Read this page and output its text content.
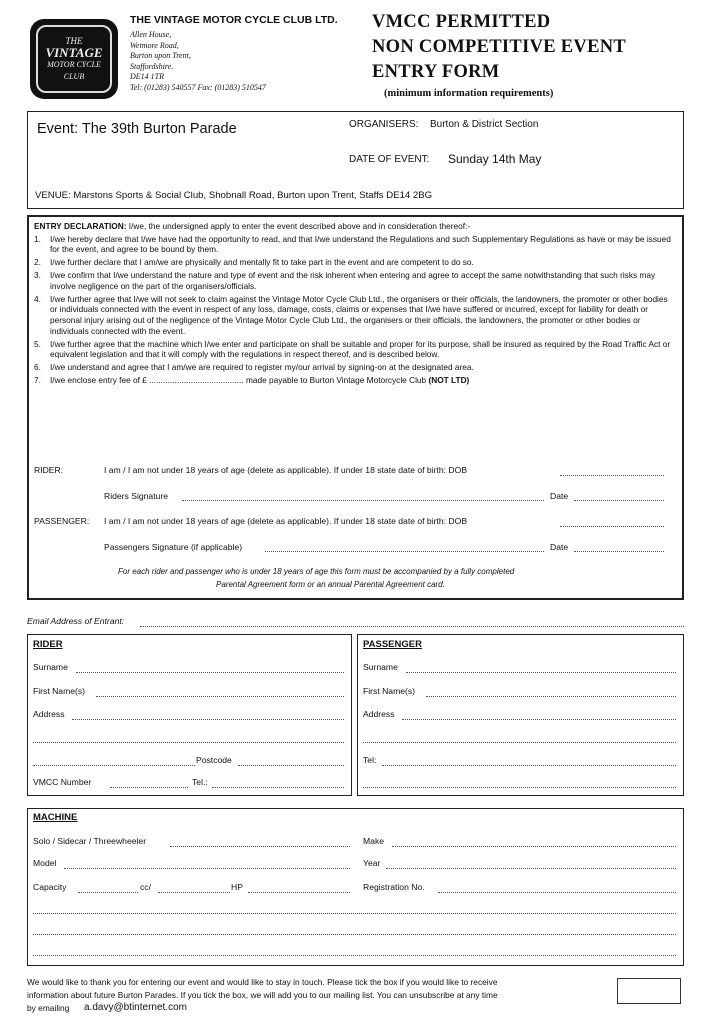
THE
VINTAGE
MOTOR CYCLE
CLUB
THE VINTAGE MOTOR CYCLE CLUB LTD.
Allen House,
Wetmore Road,
Burton upon Trent,
Staffordshire.
DE14 1TR
Tel: (01283) 540557 Fax: (01283) 510547
VMCC PERMITTED
NON COMPETITIVE EVENT
ENTRY FORM
(minimum information requirements)
Event: The 39th Burton Parade	ORGANISERS: Burton & District Section
DATE OF EVENT: Sunday 14th May
VENUE: Marstons Sports & Social Club, Shobnall Road, Burton upon Trent, Staffs DE14 2BG
ENTRY DECLARATION: I/we, the undersigned apply to enter the event described above and in consideration thereof:-

1. I/we hereby declare that I/we have had the opportunity to read, and that I/we understand the Regulations and such Supplementary Regulations as have or may be issued for the event, and agree to be bound by them.

2. I/we further declare that I am/we are physically and mentally fit to take part in the event and are competent to do so.

3. I/we confirm that I/we understand the nature and type of event and the risk inherent when entering and agree to accept the same notwithstanding that such risks may involve negligence on the part of the organisers/officials.

4. I/we further agree that I/we will not seek to claim against the Vintage Motor Cycle Club Ltd., the organisers or their officials, the landowners, the promoter or other bodies or individuals connected with the event in respect of any loss, damage, costs, claims or expenses that I/we have suffered or incurred, except for liability for death or personal injury arising out of the negligence of the Vintage Motor Cycle Club Ltd., the organisers or their officials, the landowners, the promoter or other bodies or individuals connected with the event.

5. I/we further agree that the machine which I/we enter and participate on shall be suitable and proper for its purpose, shall be insured as required by the Road Traffic Act or equivalent legislation and that it will comply with the regulations in respect thereof, and is described below.

6. I/we understand and agree that I am/we are required to register my/our arrival by signing-on at the designated area.

7. I/we enclose entry fee of £ ......................................... made payable to Burton Vintage Motorcycle Club (NOT LTD)

RIDER:	I am / I am not under 18 years of age (delete as applicable). If under 18 state date of birth: DOB
Riders Signature	Date
PASSENGER: I am / I am not under 18 years of age (delete as applicable). If under 18 state date of birth: DOB
Passengers Signature (if applicable)	Date
For each rider and passenger who is under 18 years of age this form must be accompanied by a fully completed
Parental Agreement form or an annual Parental Agreement card.
Email Address of Entrant:
RIDER
Surname
First Name(s)
Address
Postcode
VMCC Number	Tel.:
PASSENGER
Surname
First Name(s)
Address
Tel:
MACHINE
Solo / Sidecar / Threewheeler	Make
Model	Year
Capacity	cc/	HP	Registration No.
We would like to thank you for entering our event and would like to stay in touch. Please tick the box if you would like to receive
information about future Burton Parades. If you tick the box, we will add you to our mailing list. You can unsubscribe at any time
by emailing a.davy@btinternet.com
